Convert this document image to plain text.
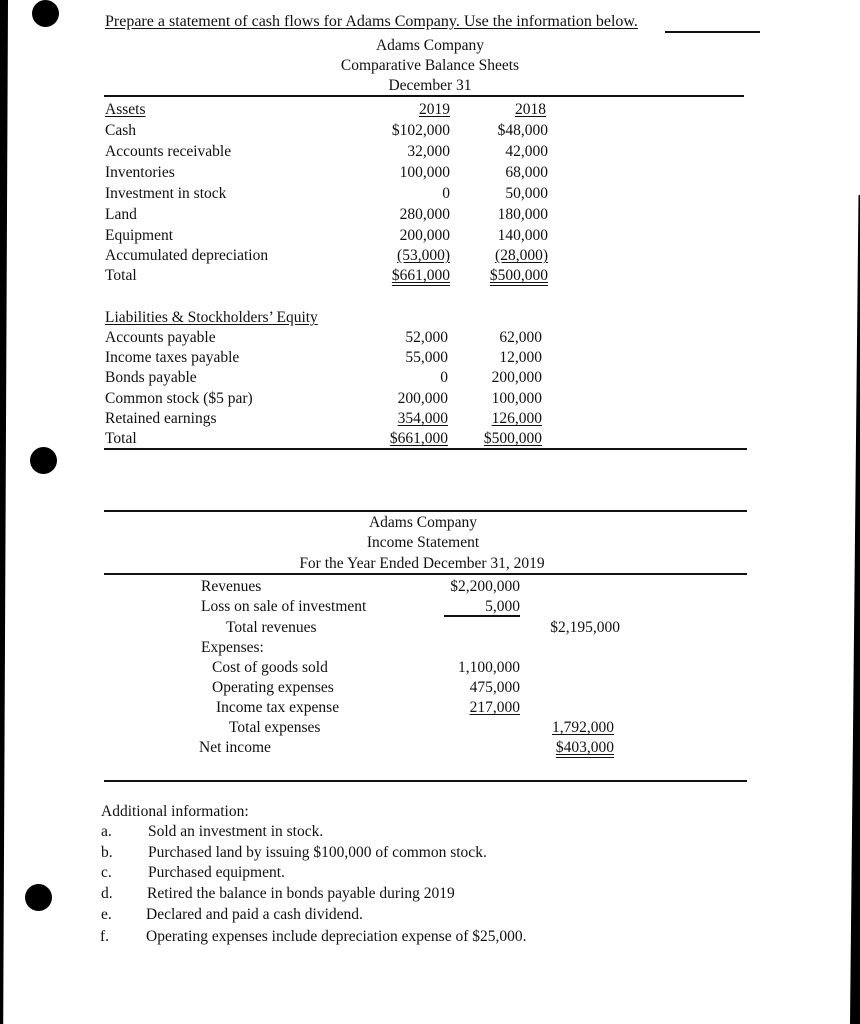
Prepare a statement of cash flows for Adams Company. Use the information below.
Adams Company
Comparative Balance Sheets
December 31
Assets	2019	2018
Cash	$102,000	$48,000
Accounts receivable	32,000	42,000
Inventories	100,000	68,000
Investment in stock	0	50,000
Land	280,000	180,000
Equipment	200,000	140,000
Accumulated depreciation	(53,000)	(28,000)
Total	$661,000	$500,000
Liabilities & Stockholders’ Equity
Accounts payable	52,000	62,000
Income taxes payable	55,000	12,000
Bonds payable	0	200,000
Common stock ($5 par)	200,000	100,000
Retained earnings	354,000	126,000
Total	$661,000	$500,000
Adams Company
Income Statement
For the Year Ended December 31, 2019
Revenues	$2,200,000
Loss on sale of investment	5,000
Total revenues	$2,195,000
Expenses:
Cost of goods sold	1,100,000
Operating expenses	475,000
Income tax expense	217,000
Total expenses	1,792,000
Net income	$403,000
Additional information:
a. Sold an investment in stock.
b. Purchased land by issuing $100,000 of common stock.
c. Purchased equipment.
d. Retired the balance in bonds payable during 2019
e. Declared and paid a cash dividend.
f. Operating expenses include depreciation expense of $25,000.
